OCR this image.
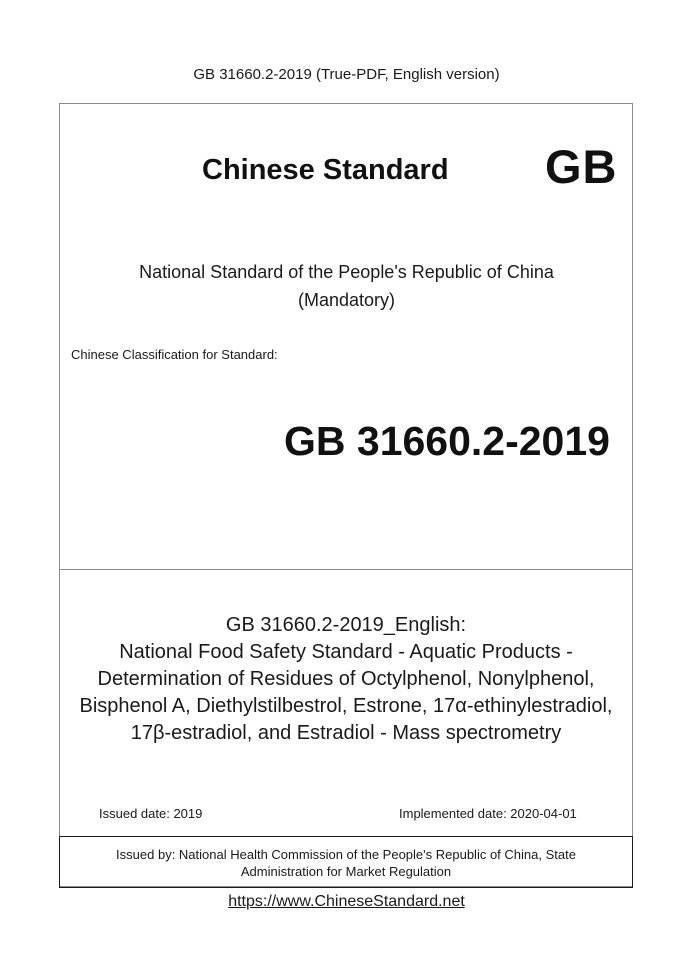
GB 31660.2-2019 (True-PDF, English version)
Chinese Standard GB
National Standard of the People's Republic of China
(Mandatory)
Chinese Classification for Standard:
GB 31660.2-2019
GB 31660.2-2019_English:
National Food Safety Standard - Aquatic Products -
Determination of Residues of Octylphenol, Nonylphenol,
Bisphenol A, Diethylstilbestrol, Estrone, 17α-ethinylestradiol,
17β-estradiol, and Estradiol - Mass spectrometry
Issued date: 2019	Implemented date: 2020-04-01
Issued by: National Health Commission of the People's Republic of China, State
Administration for Market Regulation
https://www.ChineseStandard.net
